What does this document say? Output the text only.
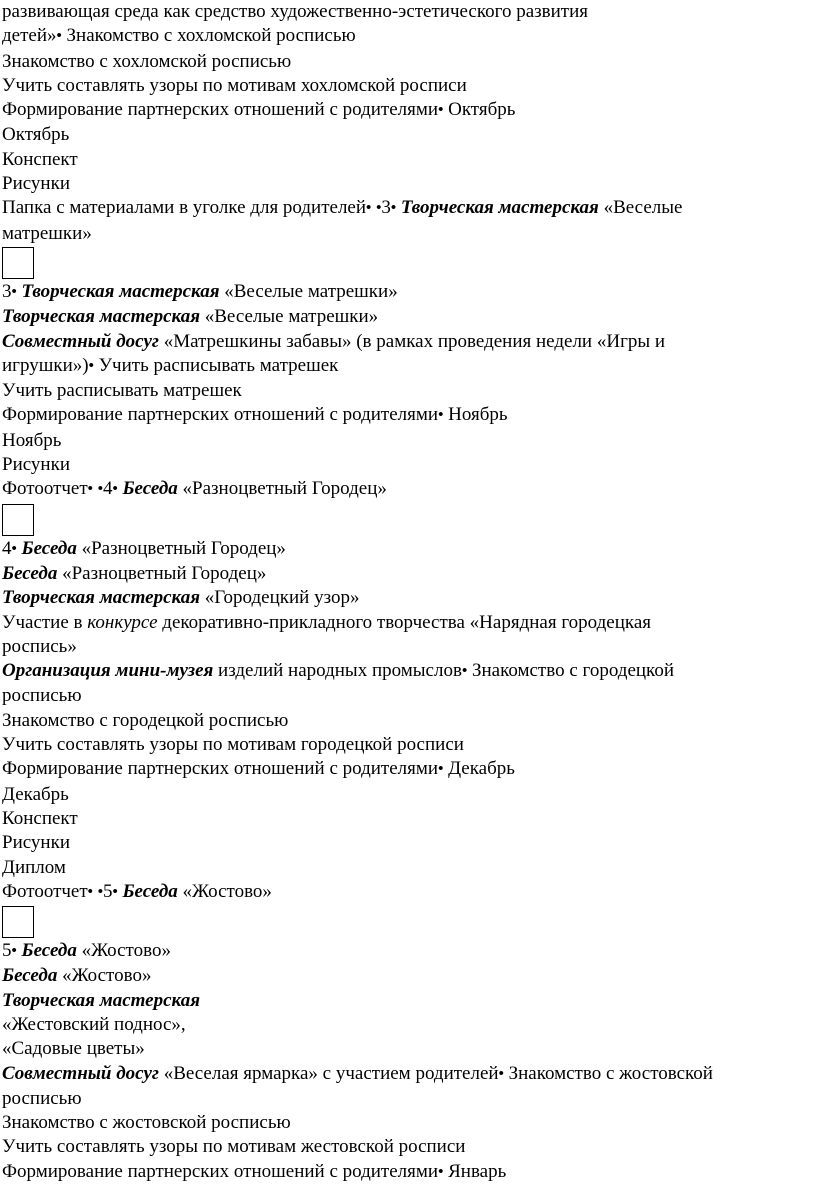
развивающая среда как средство художественно-эстетического развития
детей»• Знакомство с хохломской росписью
Знакомство с хохломской росписью
Учить составлять узоры по мотивам хохломской росписи
Формирование партнерских отношений с родителями• Октябрь
Октябрь
Конспект
Рисунки
Папка с материалами в уголке для родителей • • 3 • Творческая мастерская «Веселые
матрешки»
3 • Творческая мастерская «Веселые матрешки»
Творческая мастерская «Веселые матрешки»
Совместный досуг «Матрешкины забавы» (в рамках проведения недели «Игры и
игрушки»)• Учить расписывать матрешек
Учить расписывать матрешек
Формирование партнерских отношений с родителями• Ноябрь
Ноябрь
Рисунки
Фотоотчет • • 4 • Беседа «Разноцветный Городец»
4 • Беседа «Разноцветный Городец»
Беседа «Разноцветный Городец»
Творческая мастерская «Городецкий узор»
Участие в конкурсе декоративно-прикладного творчества «Нарядная городецкая
роспись»
Организация мини-музея изделий народных промыслов• Знакомство с городецкой
росписью
Знакомство с городецкой росписью
Учить составлять узоры по мотивам городецкой росписи
Формирование партнерских отношений с родителями• Декабрь
Декабрь
Конспект
Рисунки
Диплом
Фотоотчет • • 5 • Беседа «Жостово»
5 • Беседа «Жостово»
Беседа «Жостово»
Творческая мастерская
«Жестовский поднос»,
«Садовые цветы»
Совместный досуг «Веселая ярмарка» с участием родителей• Знакомство с жостовской
росписью
Знакомство с жостовской росписью
Учить составлять узоры по мотивам жестовской росписи
Формирование партнерских отношений с родителями• Январь
